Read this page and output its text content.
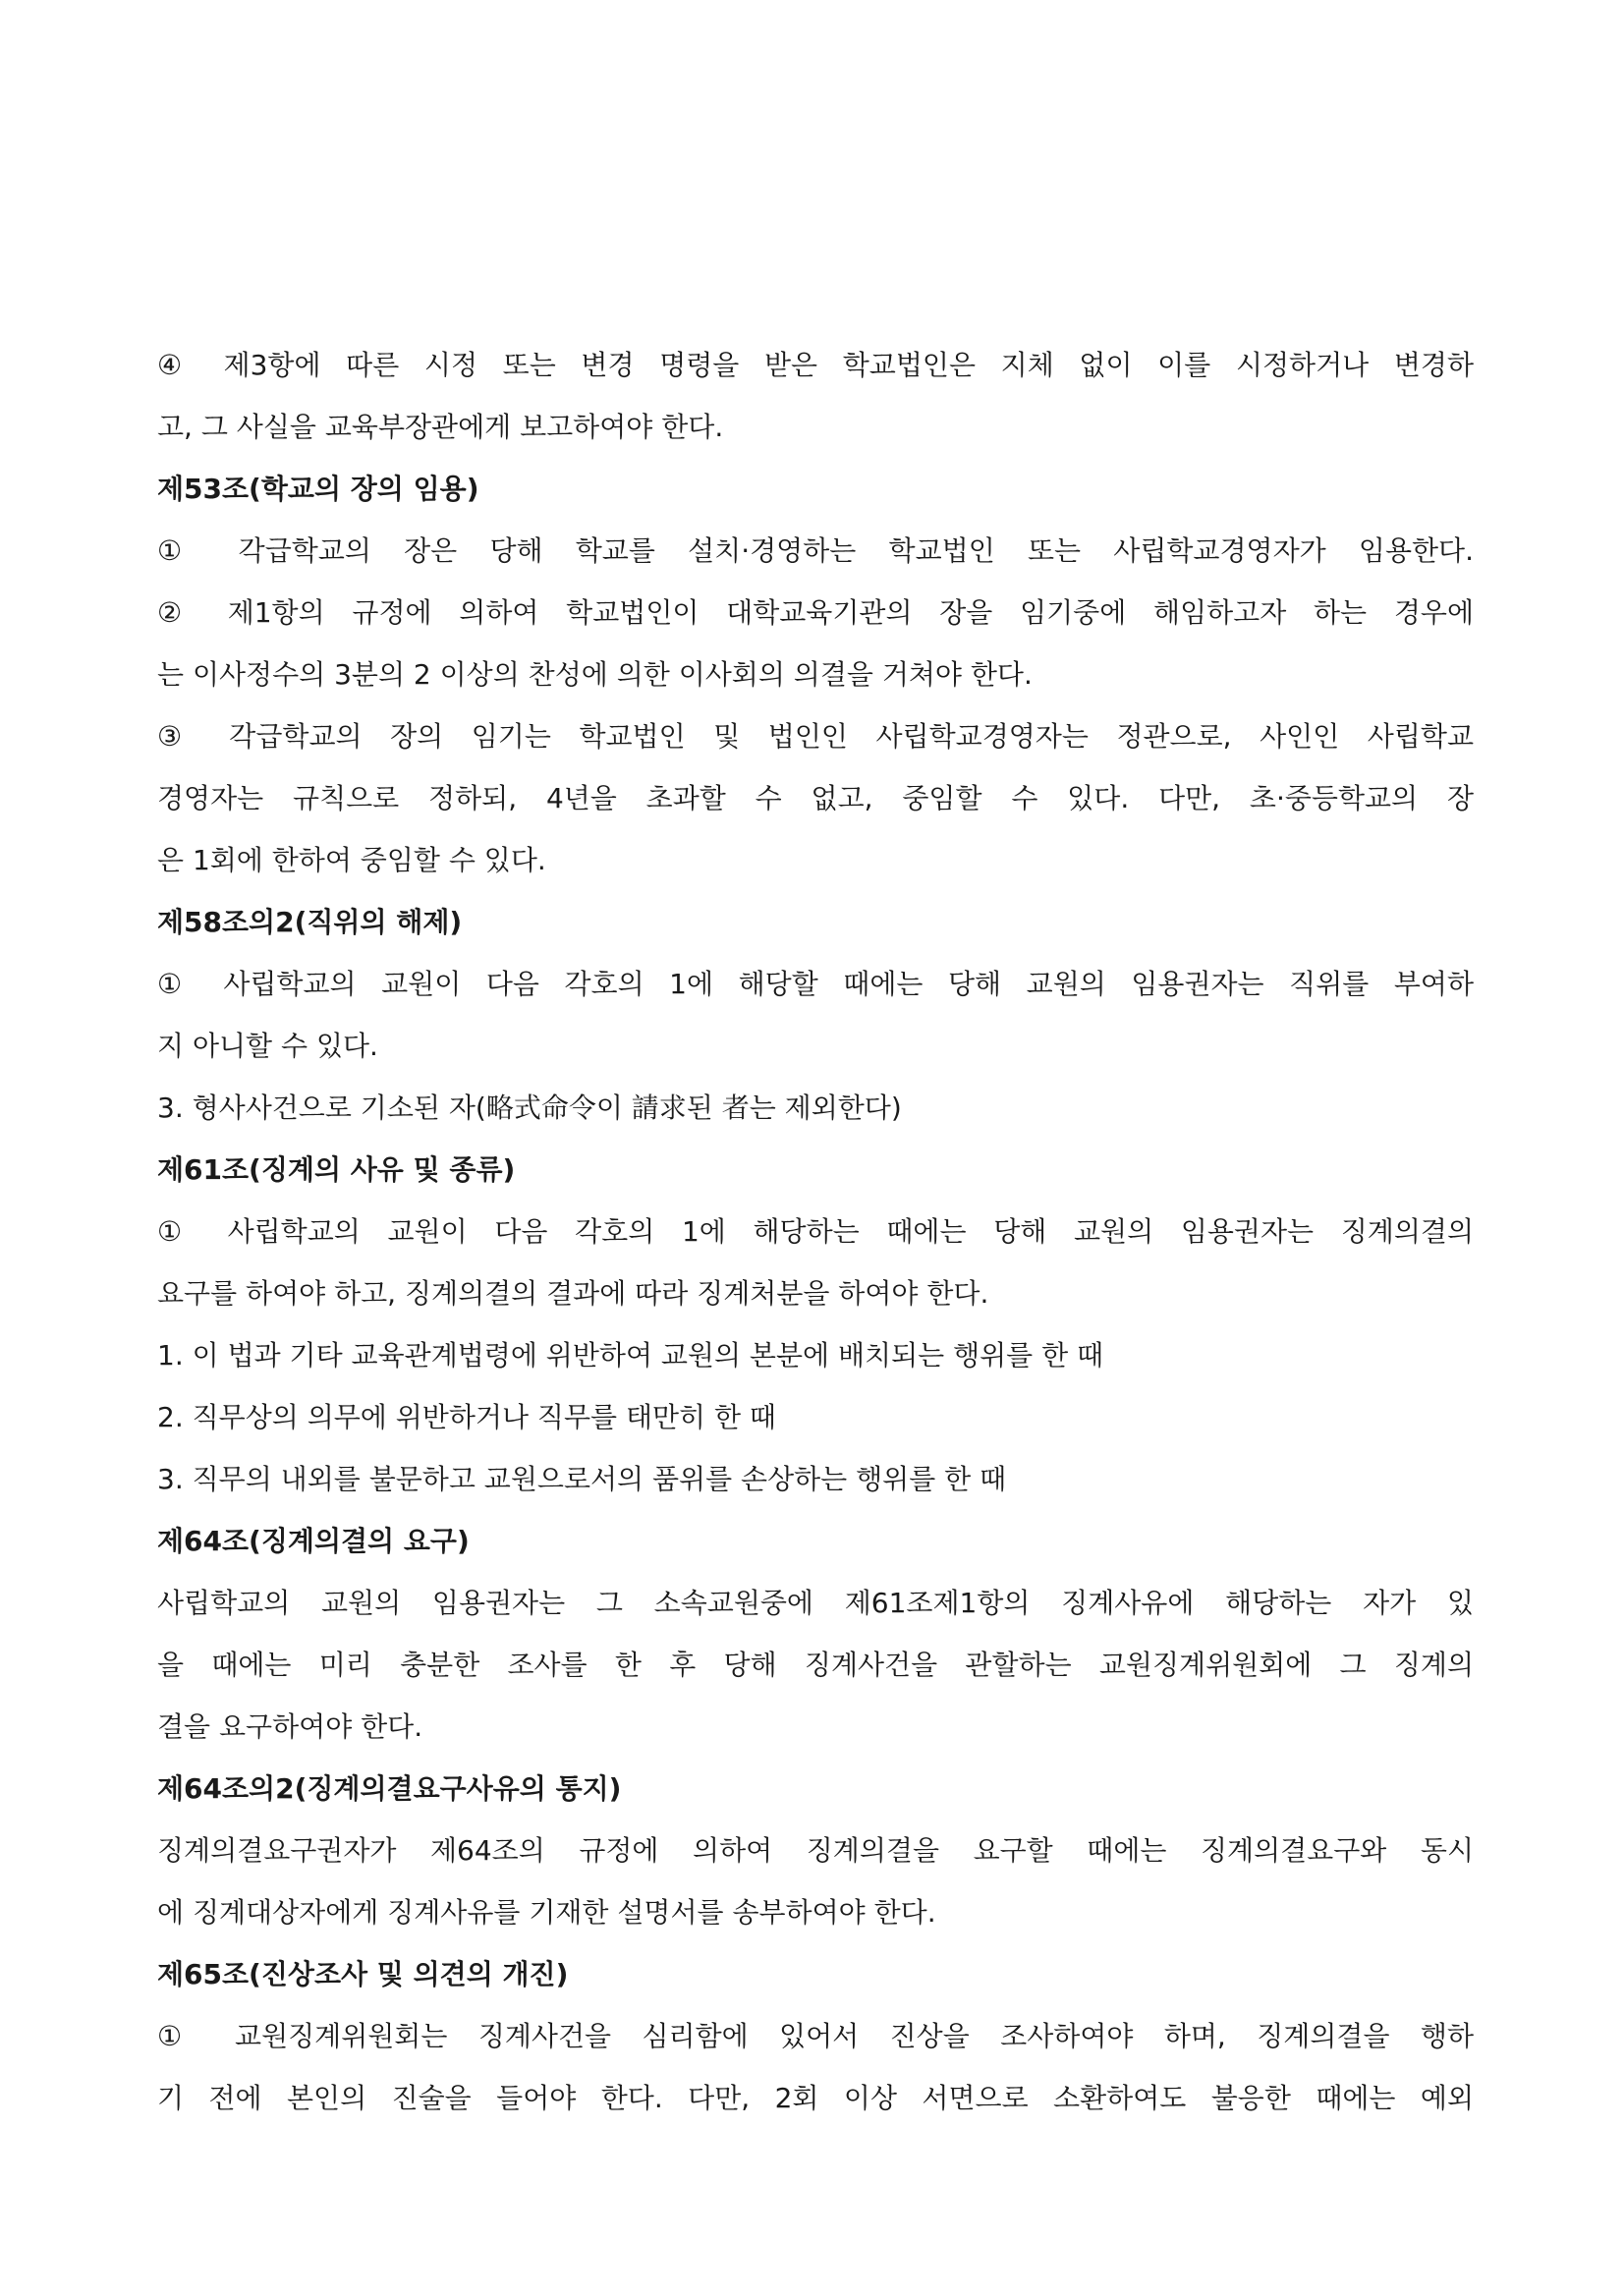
④ 제3항에 따른 시정 또는 변경 명령을 받은 학교법인은 지체 없이 이를 시정하거나 변경하
고, 그 사실을 교육부장관에게 보고하여야 한다.
제53조(학교의 장의 임용)
① 각급학교의 장은 당해 학교를 설치·경영하는 학교법인 또는 사립학교경영자가 임용한다.
② 제1항의 규정에 의하여 학교법인이 대학교육기관의 장을 임기중에 해임하고자 하는 경우에
는 이사정수의 3분의 2 이상의 찬성에 의한 이사회의 의결을 거쳐야 한다.
③ 각급학교의 장의 임기는 학교법인 및 법인인 사립학교경영자는 정관으로, 사인인 사립학교
경영자는 규칙으로 정하되, 4년을 초과할 수 없고, 중임할 수 있다. 다만, 초·중등학교의 장
은 1회에 한하여 중임할 수 있다.
제58조의2(직위의 해제)
① 사립학교의 교원이 다음 각호의 1에 해당할 때에는 당해 교원의 임용권자는 직위를 부여하
지 아니할 수 있다.
3. 형사사건으로 기소된 자(略式命令이 請求된 者는 제외한다)
제61조(징계의 사유 및 종류)
① 사립학교의 교원이 다음 각호의 1에 해당하는 때에는 당해 교원의 임용권자는 징계의결의
요구를 하여야 하고, 징계의결의 결과에 따라 징계처분을 하여야 한다.
1. 이 법과 기타 교육관계법령에 위반하여 교원의 본분에 배치되는 행위를 한 때
2. 직무상의 의무에 위반하거나 직무를 태만히 한 때
3. 직무의 내외를 불문하고 교원으로서의 품위를 손상하는 행위를 한 때
제64조(징계의결의 요구)
사립학교의 교원의 임용권자는 그 소속교원중에 제61조제1항의 징계사유에 해당하는 자가 있
을 때에는 미리 충분한 조사를 한 후 당해 징계사건을 관할하는 교원징계위원회에 그 징계의
결을 요구하여야 한다.
제64조의2(징계의결요구사유의 통지)
징계의결요구권자가 제64조의 규정에 의하여 징계의결을 요구할 때에는 징계의결요구와 동시
에 징계대상자에게 징계사유를 기재한 설명서를 송부하여야 한다.
제65조(진상조사 및 의견의 개진)
① 교원징계위원회는 징계사건을 심리함에 있어서 진상을 조사하여야 하며, 징계의결을 행하
기 전에 본인의 진술을 들어야 한다. 다만, 2회 이상 서면으로 소환하여도 불응한 때에는 예외
